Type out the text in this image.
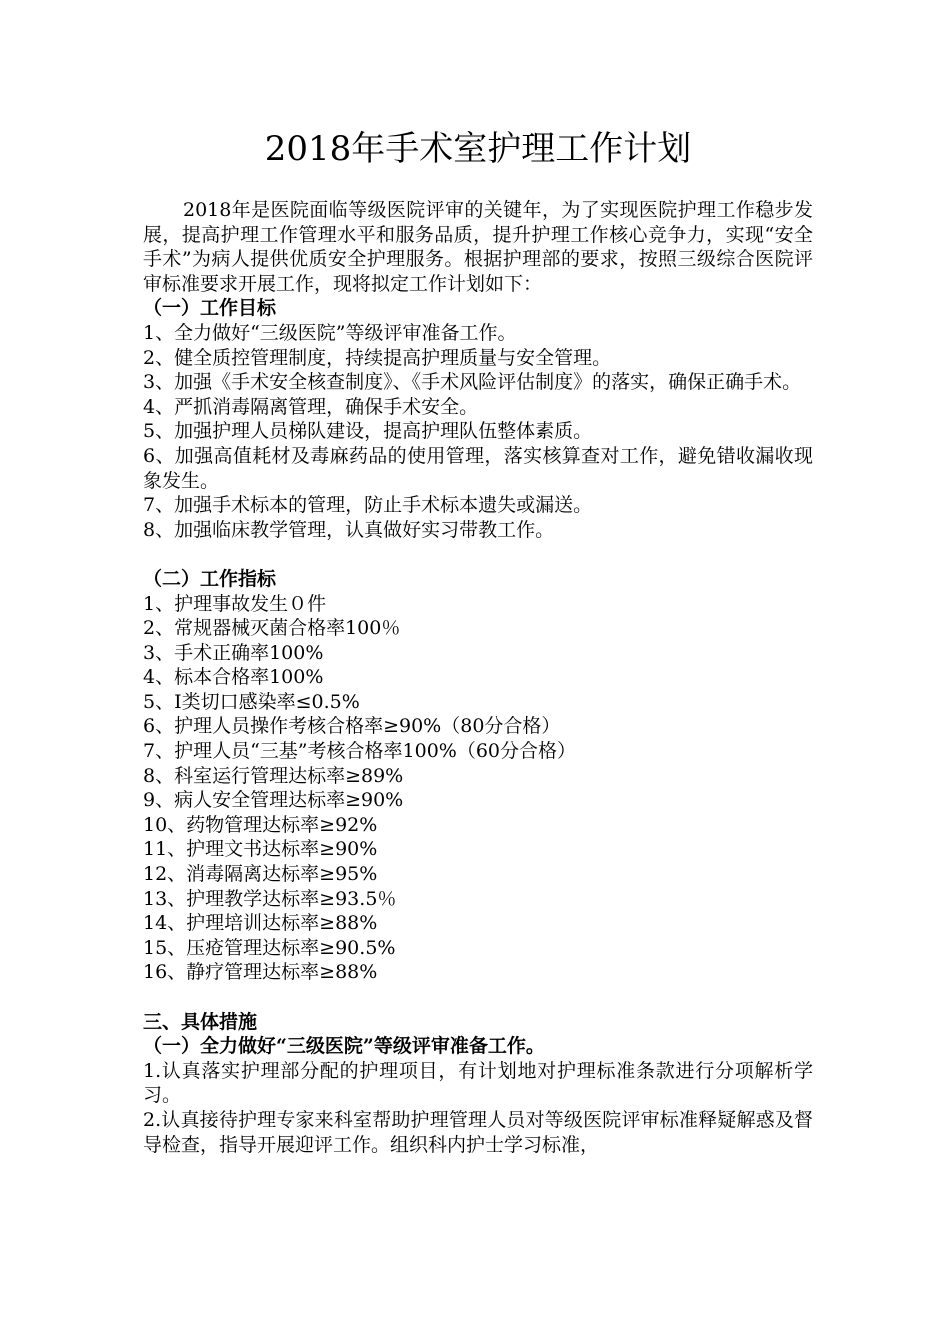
2018年手术室护理工作计划

2018年是医院面临等级医院评审的关键年，为了实现医院护理工作稳步发展，提高护理工作管理水平和服务品质，提升护理工作核心竞争力，实现“安全手术”为病人提供优质安全护理服务。根据护理部的要求，按照三级综合医院评审标准要求开展工作，现将拟定工作计划如下：

（一）工作目标
1、全力做好“三级医院”等级评审准备工作。
2、健全质控管理制度，持续提高护理质量与安全管理。
3、加强《手术安全核查制度》、《手术风险评估制度》的落实，确保正确手术。
4、严抓消毒隔离管理，确保手术安全。
5、加强护理人员梯队建设，提高护理队伍整体素质。
6、加强高值耗材及毒麻药品的使用管理，落实核算查对工作，避免错收漏收现象发生。
7、加强手术标本的管理，防止手术标本遗失或漏送。
8、加强临床教学管理，认真做好实习带教工作。
（二）工作指标
1、护理事故发生０件
2、常规器械灭菌合格率100％
3、手术正确率100%
4、标本合格率100%
5、Ⅰ类切口感染率≤0.5%
6、护理人员操作考核合格率≥90%（80分合格）
7、护理人员“三基”考核合格率100%（60分合格）
8、科室运行管理达标率≥89%
9、病人安全管理达标率≥90%
10、药物管理达标率≥92%
11、护理文书达标率≥90%
12、消毒隔离达标率≥95%
13、护理教学达标率≥93.5％
14、护理培训达标率≥88%
15、压疮管理达标率≥90.5%
16、静疗管理达标率≥88%
三、具体措施
（一）全力做好“三级医院”等级评审准备工作。
1.认真落实护理部分配的护理项目，有计划地对护理标准条款进行分项解析学习。
2.认真接待护理专家来科室帮助护理管理人员对等级医院评审标准释疑解惑及督导检查，指导开展迎评工作。组织科内护士学习标准，
